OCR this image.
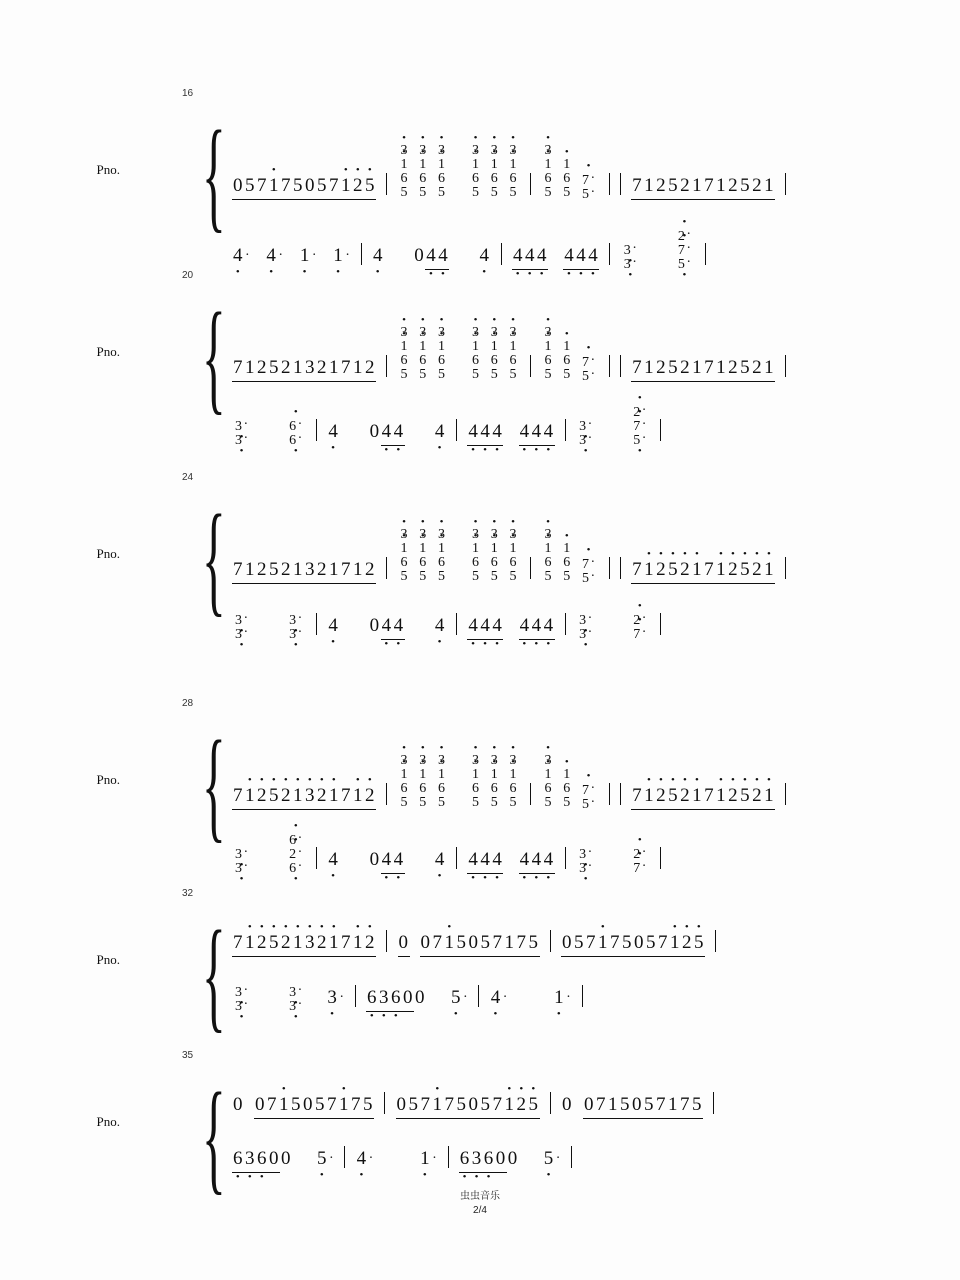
16
Pno. { 0 5 7 1 • 7 5 0 5 7 1 • 2 • 5 •
3 •
1 •
6
5

3 •
1 •
6
5

3 •
1 •
6
5

3 •
1 •
6
5

3 •
1 •
6
5

3 •
1 •
6
5

3 •
1 •
6
5

1 •
6
5

7· •
5· 7 1 2 5 2 1 7 1 2 5 2 1
• 4 · • 4 · • 1 · • 1 · • 4 0 • 4 • 4 • 4 • 4 • 4 • 4 • 4 • 4 • 4 • 3·
• 3·

2· •
7· •
• 5·

20
Pno. { 7 1 2 5 2 1 3 2 1 7 1 2
3 •
1 •
6
5

3 •
1 •
6
5

3 •
1 •
6
5

3 •
1 •
6
5

3 •
1 •
6
5

3 •
1 •
6
5

3 •
1 •
6
5

1 •
6
5

7· •
5· 7 1 2 5 2 1 7 1 2 5 2 1
• 3·
• 3·

6· •
• 6· • 4 0 • 4 • 4 • 4 • 4 • 4 • 4 • 4 • 4 • 4 • 3·
• 3·

2· •
7· •
• 5·

24
Pno. { 7 1 2 5 2 1 3 2 1 7 1 2
3 •
1 •
6
5

3 •
1 •
6
5

3 •
1 •
6
5

3 •
1 •
6
5

3 •
1 •
6
5

3 •
1 •
6
5

3 •
1 •
6
5

1 •
6
5

7· •
5· 7 1 • 2 • 5 • 2 • 1 • 7 1 • 2 • 5 • 2 • 1 •
• 3·
• 3·

• 3·
• 3· • 4 0 • 4 • 4 • 4 • 4 • 4 • 4 • 4 • 4 • 4 • 3·
• 3·

2· •
7· •

28
Pno. { 7 1 • 2 • 5 • 2 • 1 • 3 • 2 • 1 • 7 1 • 2 •
3 •
1 •
6
5

3 •
1 •
6
5

3 •
1 •
6
5

3 •
1 •
6
5

3 •
1 •
6
5

3 •
1 •
6
5

3 •
1 •
6
5

1 •
6
5

7· •
5· 7 1 • 2 • 5 • 2 • 1 • 7 1 • 2 • 5 • 2 • 1 •
• 3·
• 3·

6· •
2· •
• 6· • 4 0 • 4 • 4 • 4 • 4 • 4 • 4 • 4 • 4 • 4 • 3·
• 3·

2· •
7· •

32
Pno. { 7 1 • 2 • 5 • 2 • 1 • 3 • 2 • 1 • 7 1 • 2 • 0 0 7 1 • 5 0 5 7 1 7 5 0 5 7 1 • 7 5 0 5 7 1 • 2 • 5 •
• 3·
• 3·

• 3·
• 3· • 3 · • 6 • 3 • 6 0 0 • 5 · • 4 · • 1 ·
35
Pno. { 0 0 7 1 • 5 0 5 7 1 • 7 5 0 5 7 1 • 7 5 0 5 7 1 • 2 • 5 • 0 0 7 1 5 0 5 7 1 7 5
• 6 • 3 • 6 0 0 • 5 · • 4 · • 1 · • 6 • 3 • 6 0 0 • 5 ·
虫虫音乐
2/4
